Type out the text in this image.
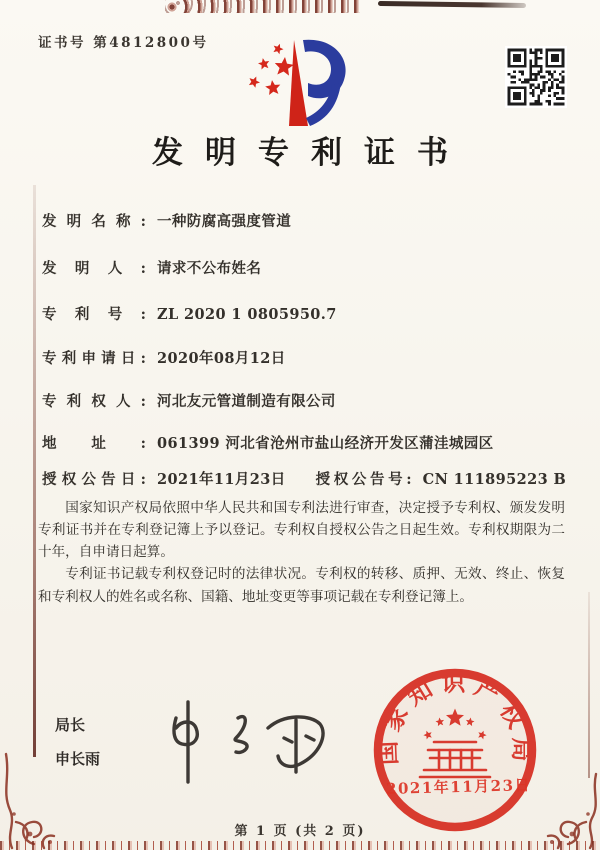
证书号 第4812800号
发明专利证书
发明名称: 一种防腐高强度管道
发明人: 请求不公布姓名
专利号: ZL 2020 1 0805950.7
专利申请日: 2020年08月12日
专利权人: 河北友元管道制造有限公司
地址: 061399 河北省沧州市盐山经济开发区蒲洼城园区
授权公告日: 2021年11月23日 授权公告号: CN 111895223 B

国家知识产权局依照中华人民共和国专利法进行审查，决定授予专利权、颁发发明专利证书并在专利登记簿上予以登记。专利权自授权公告之日起生效。专利权期限为二十年，自申请日起算。

专利证书记载专利权登记时的法律状况。专利权的转移、质押、无效、终止、恢复和专利权人的姓名或名称、国籍、地址变更等事项记载在专利登记簿上。

局长
申长雨	国家知识产权局
2021年11月23日
第 1 页 (共 2 页)
